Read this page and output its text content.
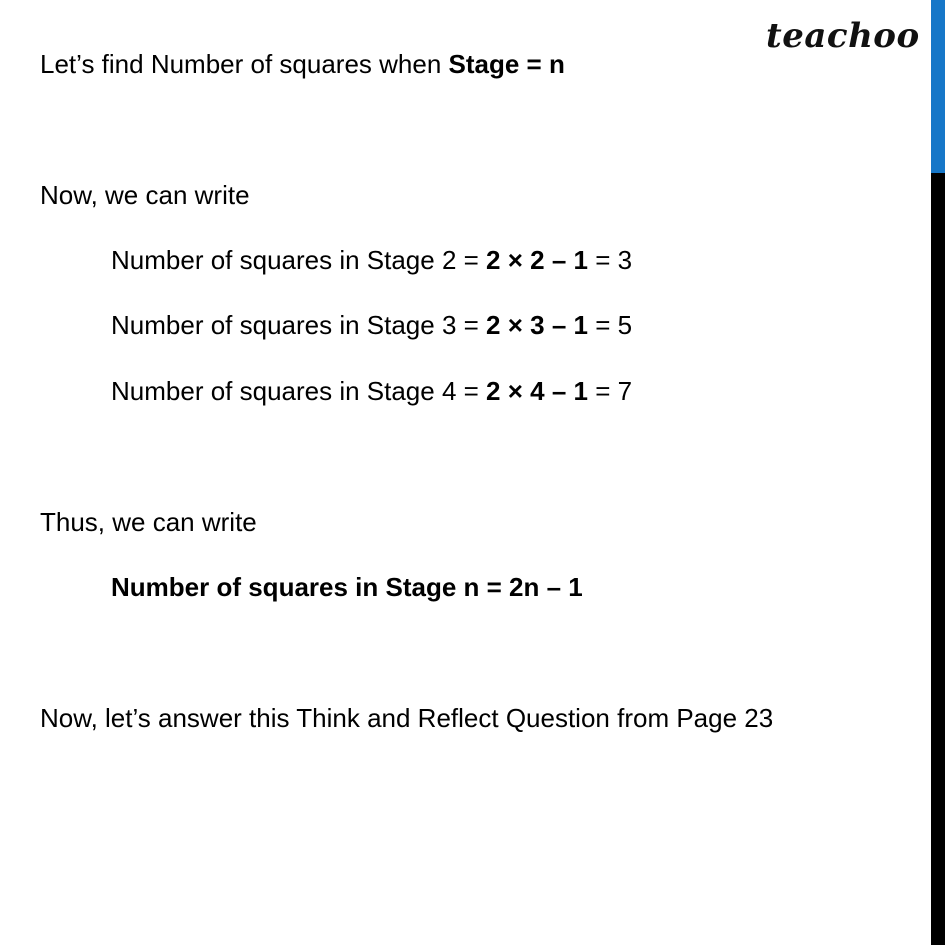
teachoo
Let’s find Number of squares when Stage = n
Now, we can write
Number of squares in Stage 2 = 2 × 2 – 1 = 3
Number of squares in Stage 3 = 2 × 3 – 1 = 5
Number of squares in Stage 4 = 2 × 4 – 1 = 7
Thus, we can write
Number of squares in Stage n = 2n – 1
Now, let’s answer this Think and Reflect Question from Page 23
